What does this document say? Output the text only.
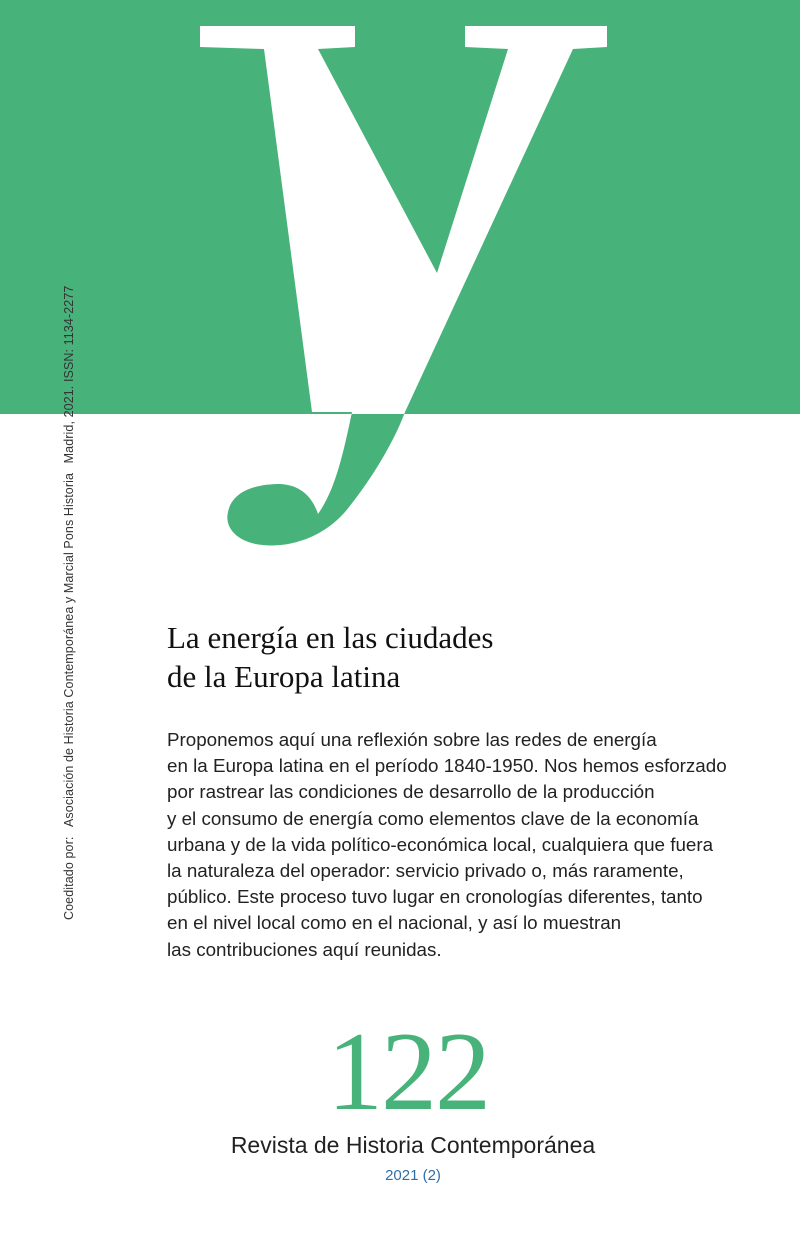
Coeditado por: Asociación de Historia Contemporánea y Marcial Pons Historia Madrid, 2021. ISSN: 1134-2277
La energía en las ciudades
de la Europa latina

Proponemos aquí una reflexión sobre las redes de energía
en la Europa latina en el período 1840-1950. Nos hemos esforzado
por rastrear las condiciones de desarrollo de la producción
y el consumo de energía como elementos clave de la economía
urbana y de la vida político-económica local, cualquiera que fuera
la naturaleza del operador: servicio privado o, más raramente,
público. Este proceso tuvo lugar en cronologías diferentes, tanto
en el nivel local como en el nacional, y así lo muestran
las contribuciones aquí reunidas.

122
Revista de Historia Contemporánea
2021 (2)
